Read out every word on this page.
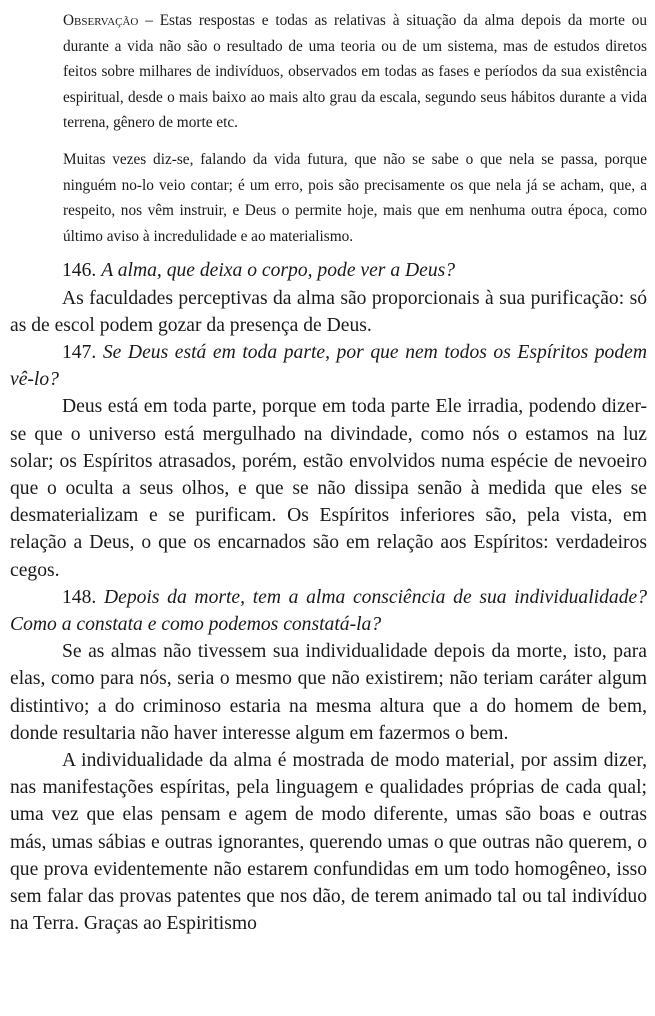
Observação – Estas respostas e todas as relativas à situação da alma depois da morte ou durante a vida não são o resultado de uma teoria ou de um sistema, mas de estudos diretos feitos sobre milhares de indivíduos, observados em todas as fases e períodos da sua existência espiritual, desde o mais baixo ao mais alto grau da escala, segundo seus hábitos durante a vida terrena, gênero de morte etc.

Muitas vezes diz-se, falando da vida futura, que não se sabe o que nela se passa, porque ninguém no-lo veio contar; é um erro, pois são precisamente os que nela já se acham, que, a respeito, nos vêm instruir, e Deus o permite hoje, mais que em nenhuma outra época, como último aviso à incredulidade e ao materialismo.

146. A alma, que deixa o corpo, pode ver a Deus?

As faculdades perceptivas da alma são proporcionais à sua purificação: só as de escol podem gozar da presença de Deus.

147. Se Deus está em toda parte, por que nem todos os Espíritos podem vê-lo?

Deus está em toda parte, porque em toda parte Ele irradia, podendo dizer-se que o universo está mergulhado na divindade, como nós o estamos na luz solar; os Espíritos atrasados, porém, estão envolvidos numa espécie de nevoeiro que o oculta a seus olhos, e que se não dissipa senão à medida que eles se desmaterializam e se purificam. Os Espíritos inferiores são, pela vista, em relação a Deus, o que os encarnados são em relação aos Espíritos: verdadeiros cegos.

148. Depois da morte, tem a alma consciência de sua individualidade? Como a constata e como podemos constatá-la?

Se as almas não tivessem sua individualidade depois da morte, isto, para elas, como para nós, seria o mesmo que não existirem; não teriam caráter algum distintivo; a do criminoso estaria na mesma altura que a do homem de bem, donde resultaria não haver interesse algum em fazermos o bem.

A individualidade da alma é mostrada de modo material, por assim dizer, nas manifestações espíritas, pela linguagem e qualidades próprias de cada qual; uma vez que elas pensam e agem de modo diferente, umas são boas e outras más, umas sábias e outras ignorantes, querendo umas o que outras não querem, o que prova evidentemente não estarem confundidas em um todo homogêneo, isso sem falar das provas patentes que nos dão, de terem animado tal ou tal indivíduo na Terra. Graças ao Espiritismo
